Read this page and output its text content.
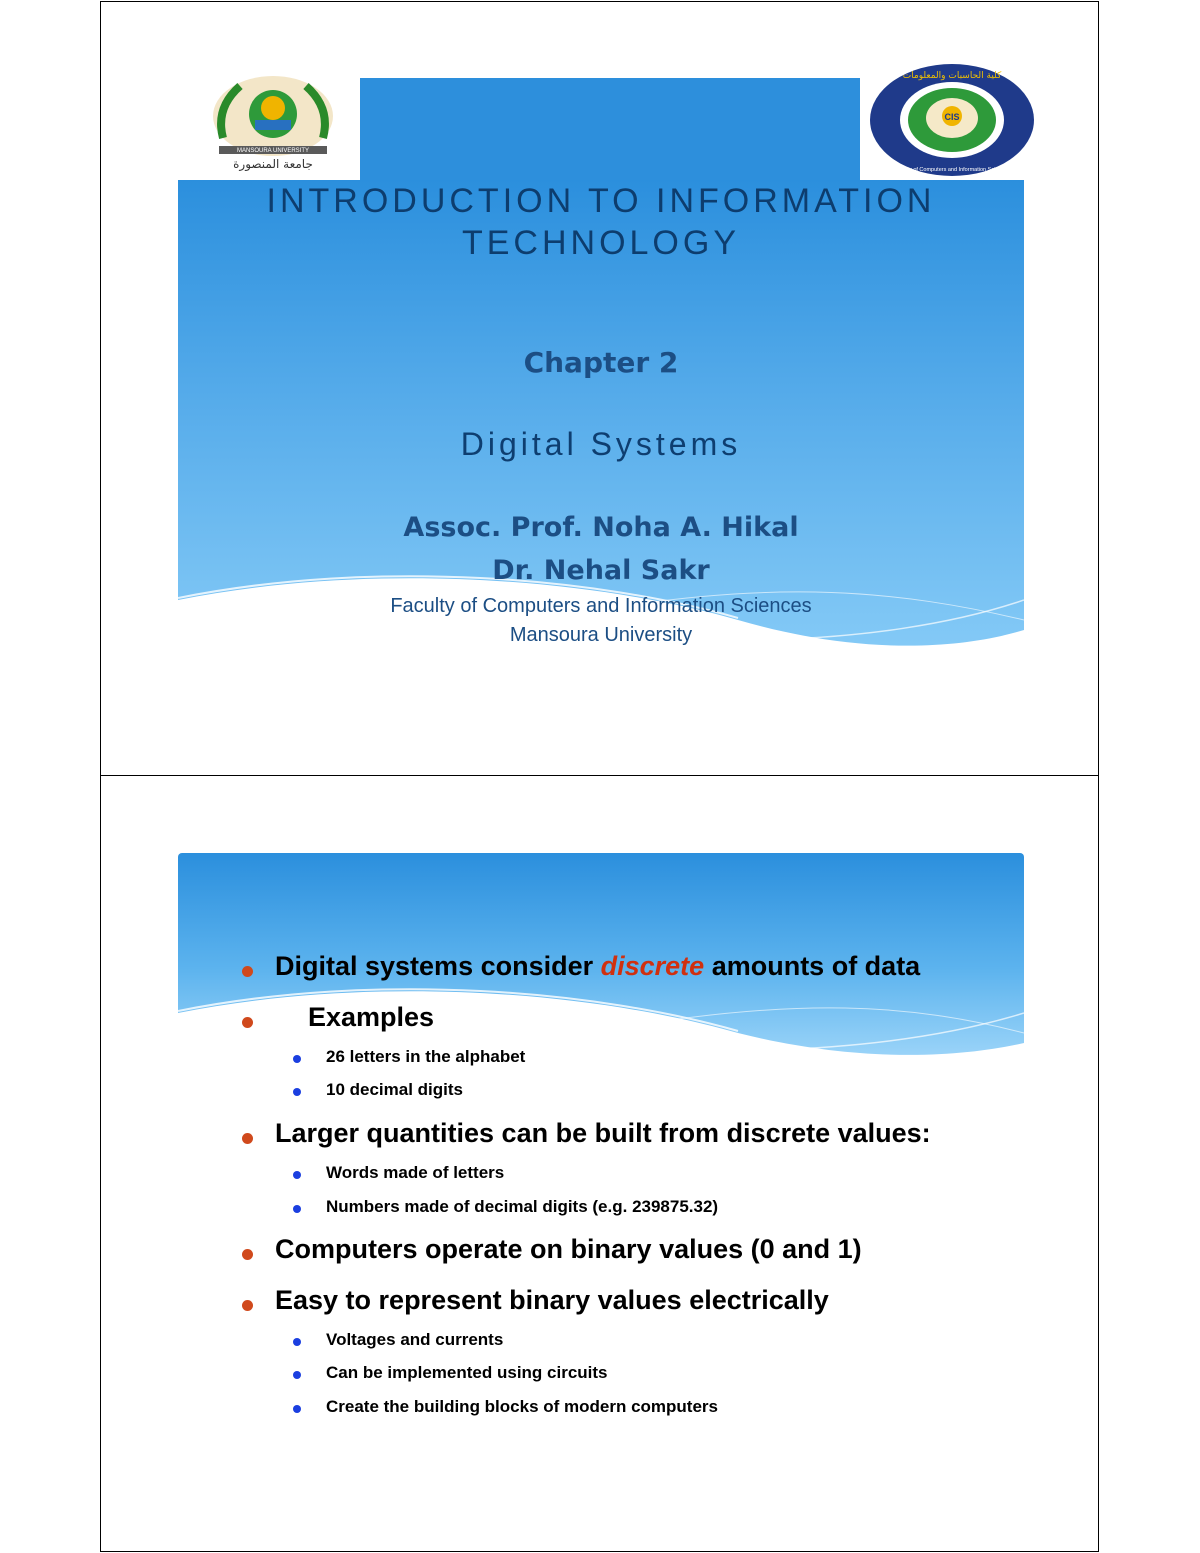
MANSOURA UNIVERSITY
جامعة المنصورة
CIS
كلية الحاسبات والمعلومات
Faculty of Computers and Information Sciences
INTRODUCTION TO INFORMATION TECHNOLOGY
Chapter 2
Digital Systems
Assoc. Prof. Noha A. Hikal
Dr. Nehal Sakr
Faculty of Computers and Information Sciences
Mansoura University

Digital systems consider discrete amounts of data

Examples

26 letters in the alphabet

10 decimal digits

Larger quantities can be built from discrete values:

Words made of letters

Numbers made of decimal digits (e.g. 239875.32)

Computers operate on binary values (0 and 1)

Easy to represent binary values electrically

Voltages and currents

Can be implemented using circuits

Create the building blocks of modern computers
